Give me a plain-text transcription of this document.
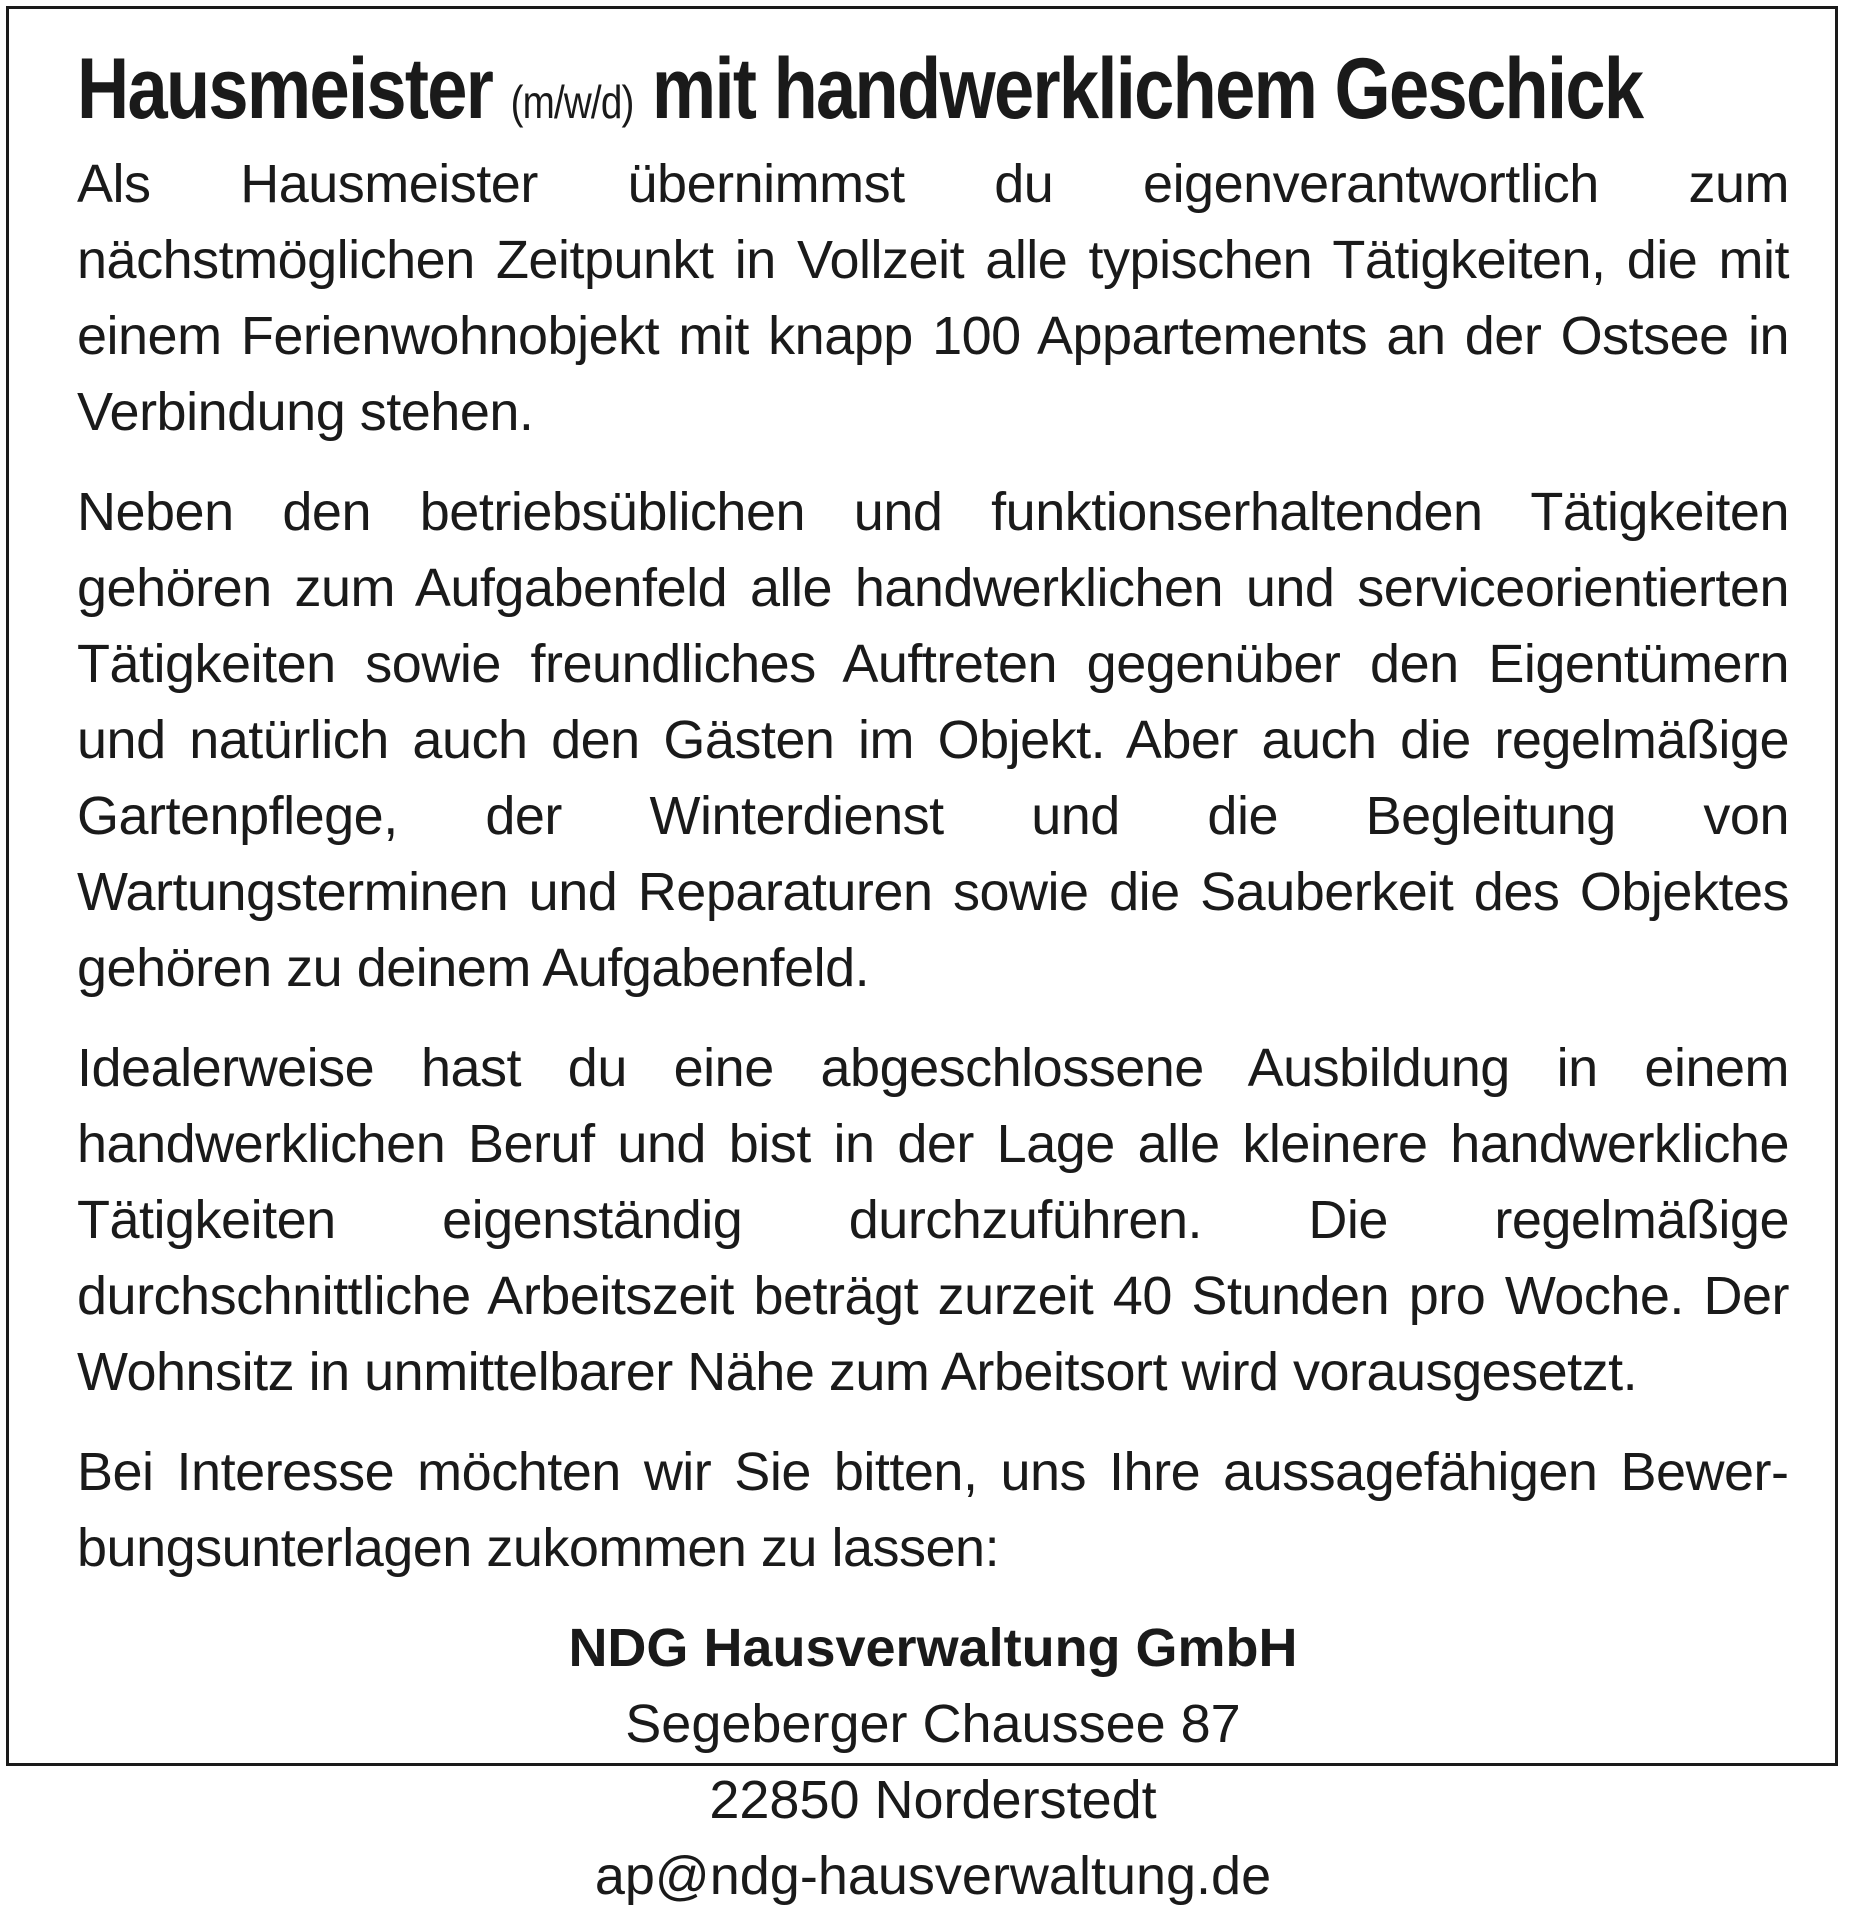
Hausmeister (m/w/d) mit handwerklichem Geschick

Als Hausmeister übernimmst du eigenverantwortlich zum nächstmöglichen Zeitpunkt in Vollzeit alle typischen Tätigkeiten, die mit einem Ferienwohnobjekt mit knapp 100 Appartements an der Ostsee in Verbindung stehen.

Neben den betriebsüblichen und funktionserhaltenden Tätigkeiten gehören zum Aufgabenfeld alle handwerklichen und serviceorientierten Tätigkeiten sowie freundliches Auftreten gegenüber den Eigentümern und natürlich auch den Gästen im Objekt. Aber auch die regelmäßige Gartenpflege, der Winterdienst und die Begleitung von Wartungsterminen und Reparaturen sowie die Sauberkeit des Objektes gehören zu deinem Aufgabenfeld.

Idealerweise hast du eine abgeschlossene Ausbildung in einem handwerklichen Beruf und bist in der Lage alle kleinere handwerkliche Tätigkeiten eigenständig durchzuführen. Die regelmäßige durchschnittliche Arbeitszeit beträgt zurzeit 40 Stunden pro Woche. Der Wohnsitz in unmittelbarer Nähe zum Arbeitsort wird vorausgesetzt.

Bei Interesse möchten wir Sie bitten, uns Ihre aussagefähigen Bewerbungsunterlagen zukommen zu lassen:

NDG Hausverwaltung GmbH
Segeberger Chaussee 87
22850 Norderstedt
ap@ndg-hausverwaltung.de
